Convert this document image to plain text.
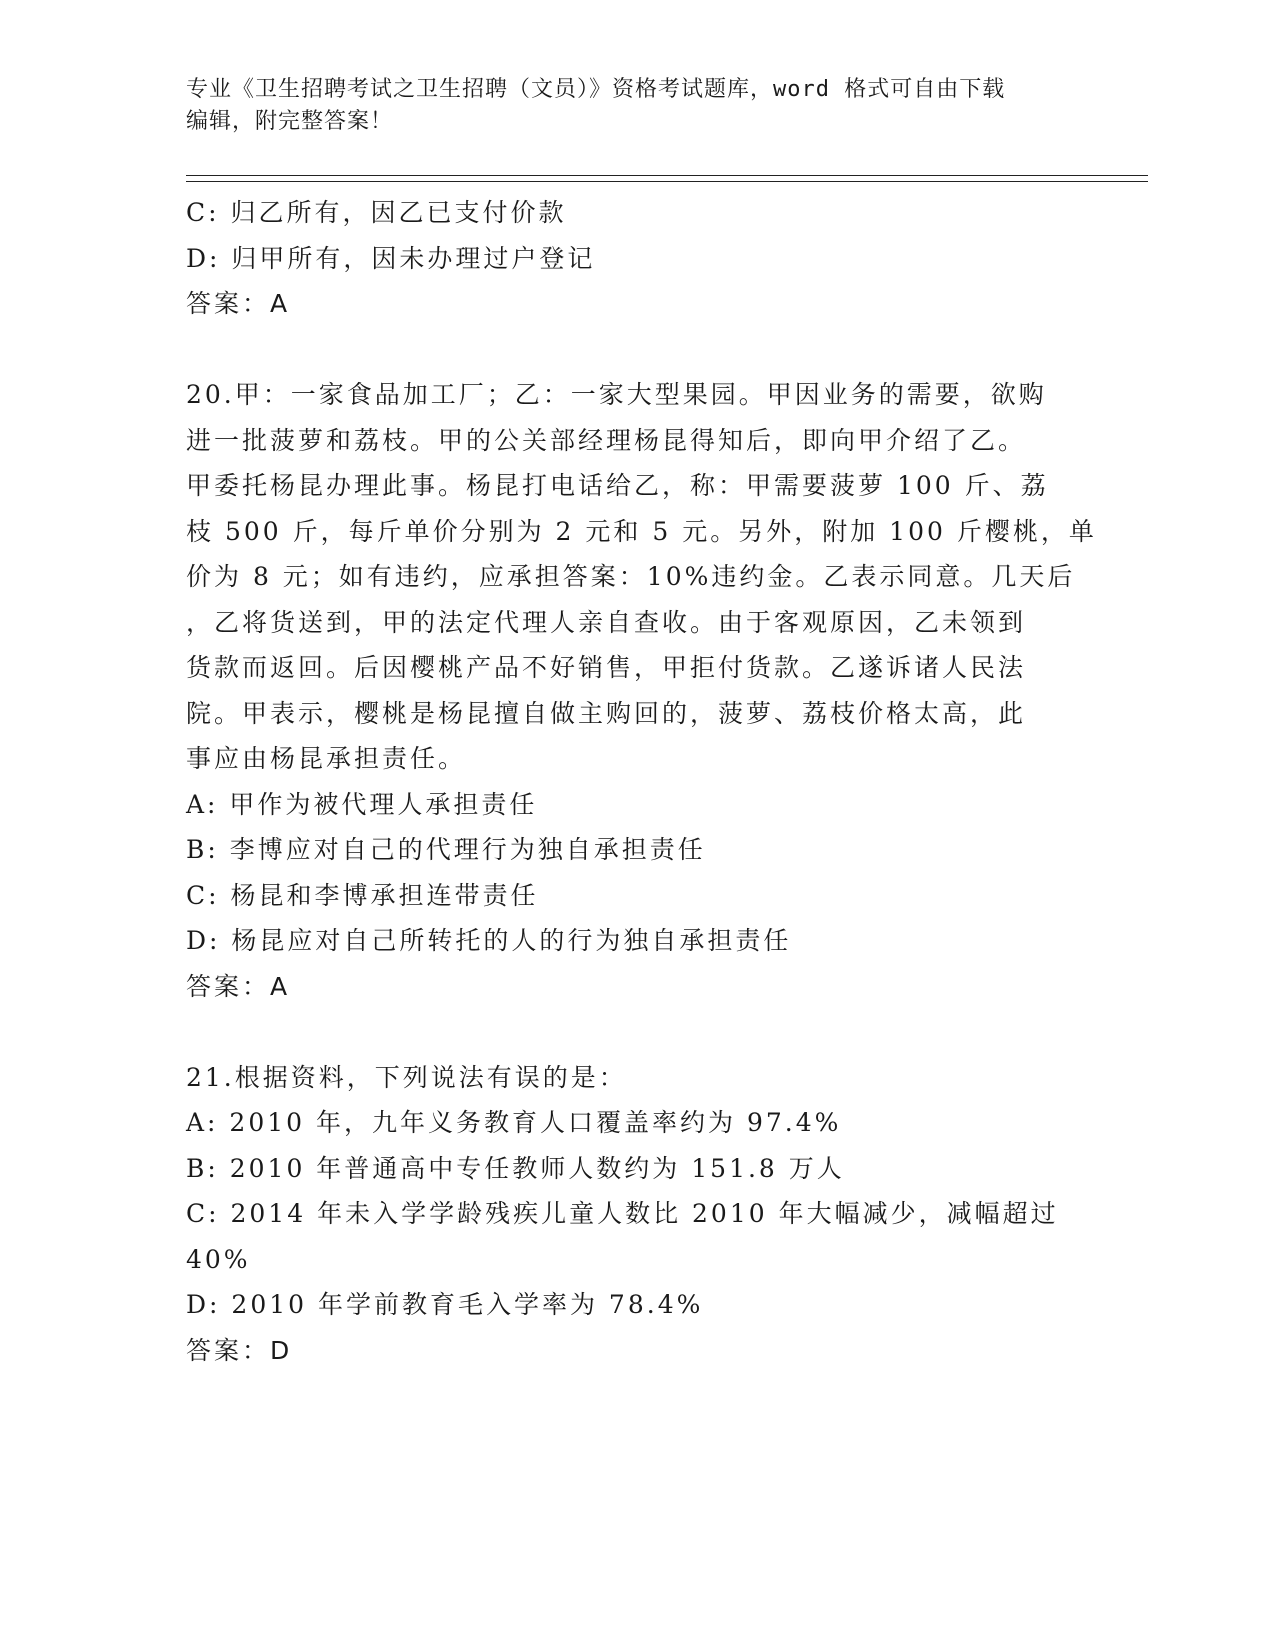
专业《卫生招聘考试之卫生招聘（文员）》资格考试题库，word 格式可自由下载
编辑，附完整答案！
C: 归乙所有，因乙已支付价款
D: 归甲所有，因未办理过户登记
答案：A
20.甲：一家食品加工厂；乙：一家大型果园。甲因业务的需要，欲购
进一批菠萝和荔枝。甲的公关部经理杨昆得知后，即向甲介绍了乙。
甲委托杨昆办理此事。杨昆打电话给乙，称：甲需要菠萝 100 斤、荔
枝 500 斤，每斤单价分别为 2 元和 5 元。另外，附加 100 斤樱桃，单
价为 8 元；如有违约，应承担答案：10%违约金。乙表示同意。几天后
，乙将货送到，甲的法定代理人亲自查收。由于客观原因，乙未领到
货款而返回。后因樱桃产品不好销售，甲拒付货款。乙遂诉诸人民法
院。甲表示，樱桃是杨昆擅自做主购回的，菠萝、荔枝价格太高，此
事应由杨昆承担责任。
A: 甲作为被代理人承担责任
B: 李博应对自己的代理行为独自承担责任
C: 杨昆和李博承担连带责任
D: 杨昆应对自己所转托的人的行为独自承担责任
答案：A
21.根据资料，下列说法有误的是：
A: 2010 年，九年义务教育人口覆盖率约为 97.4%
B: 2010 年普通高中专任教师人数约为 151.8 万人
C: 2014 年未入学学龄残疾儿童人数比 2010 年大幅减少，减幅超过
40%
D: 2010 年学前教育毛入学率为 78.4%
答案：D
